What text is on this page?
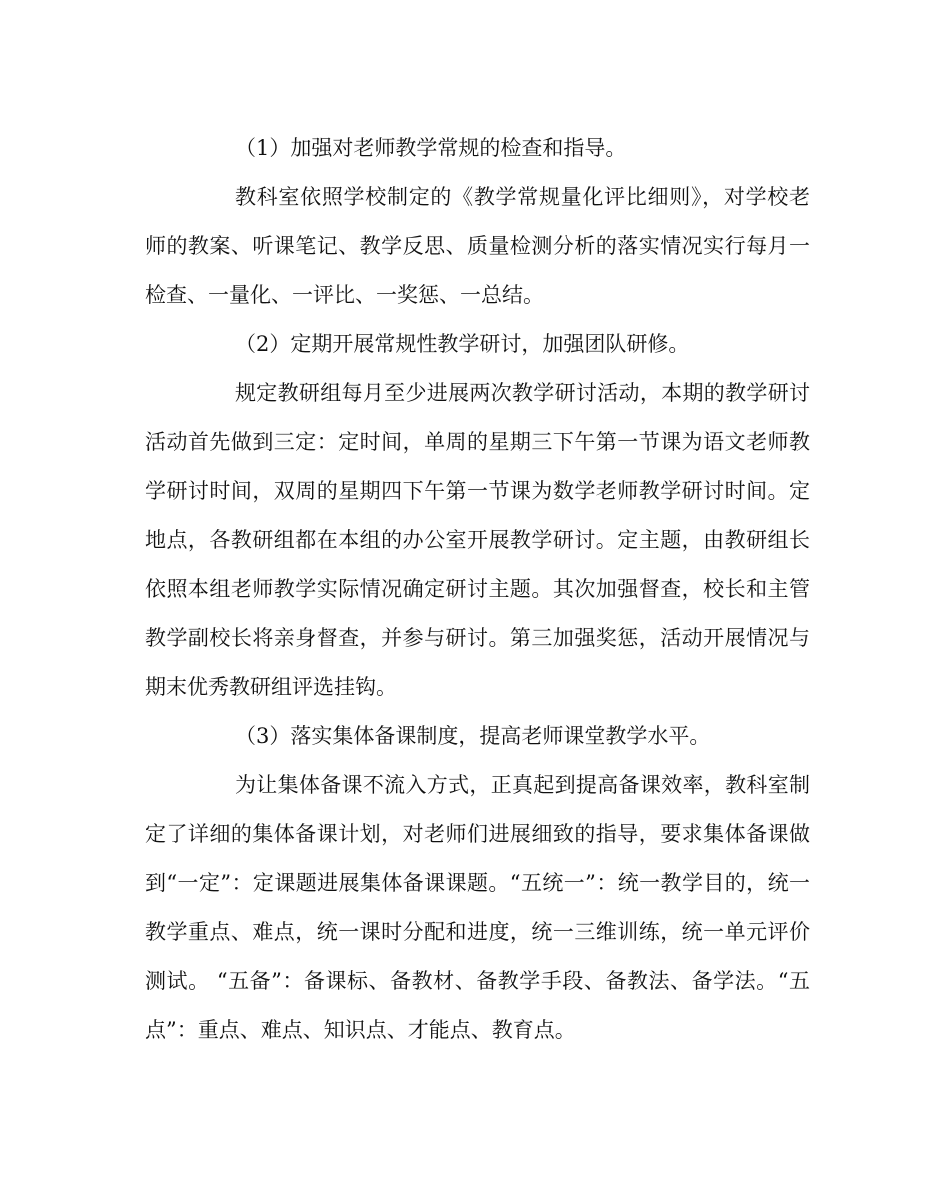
（1）加强对老师教学常规的检查和指导。

教科室依照学校制定的《教学常规量化评比细则》，对学校老师的教案、听课笔记、教学反思、质量检测分析的落实情况实行每月一检查、一量化、一评比、一奖惩、一总结。

（2）定期开展常规性教学研讨，加强团队研修。

规定教研组每月至少进展两次教学研讨活动，本期的教学研讨活动首先做到三定：定时间，单周的星期三下午第一节课为语文老师教学研讨时间，双周的星期四下午第一节课为数学老师教学研讨时间。定地点，各教研组都在本组的办公室开展教学研讨。定主题，由教研组长依照本组老师教学实际情况确定研讨主题。其次加强督查，校长和主管教学副校长将亲身督查，并参与研讨。第三加强奖惩，活动开展情况与期末优秀教研组评选挂钩。

（3）落实集体备课制度，提高老师课堂教学水平。

为让集体备课不流入方式，正真起到提高备课效率，教科室制定了详细的集体备课计划，对老师们进展细致的指导，要求集体备课做到“一定”：定课题进展集体备课课题。“五统一”：统一教学目的，统一教学重点、难点，统一课时分配和进度，统一三维训练，统一单元评价测试。 “五备”：备课标、备教材、备教学手段、备教法、备学法。“五点”：重点、难点、知识点、才能点、教育点。
